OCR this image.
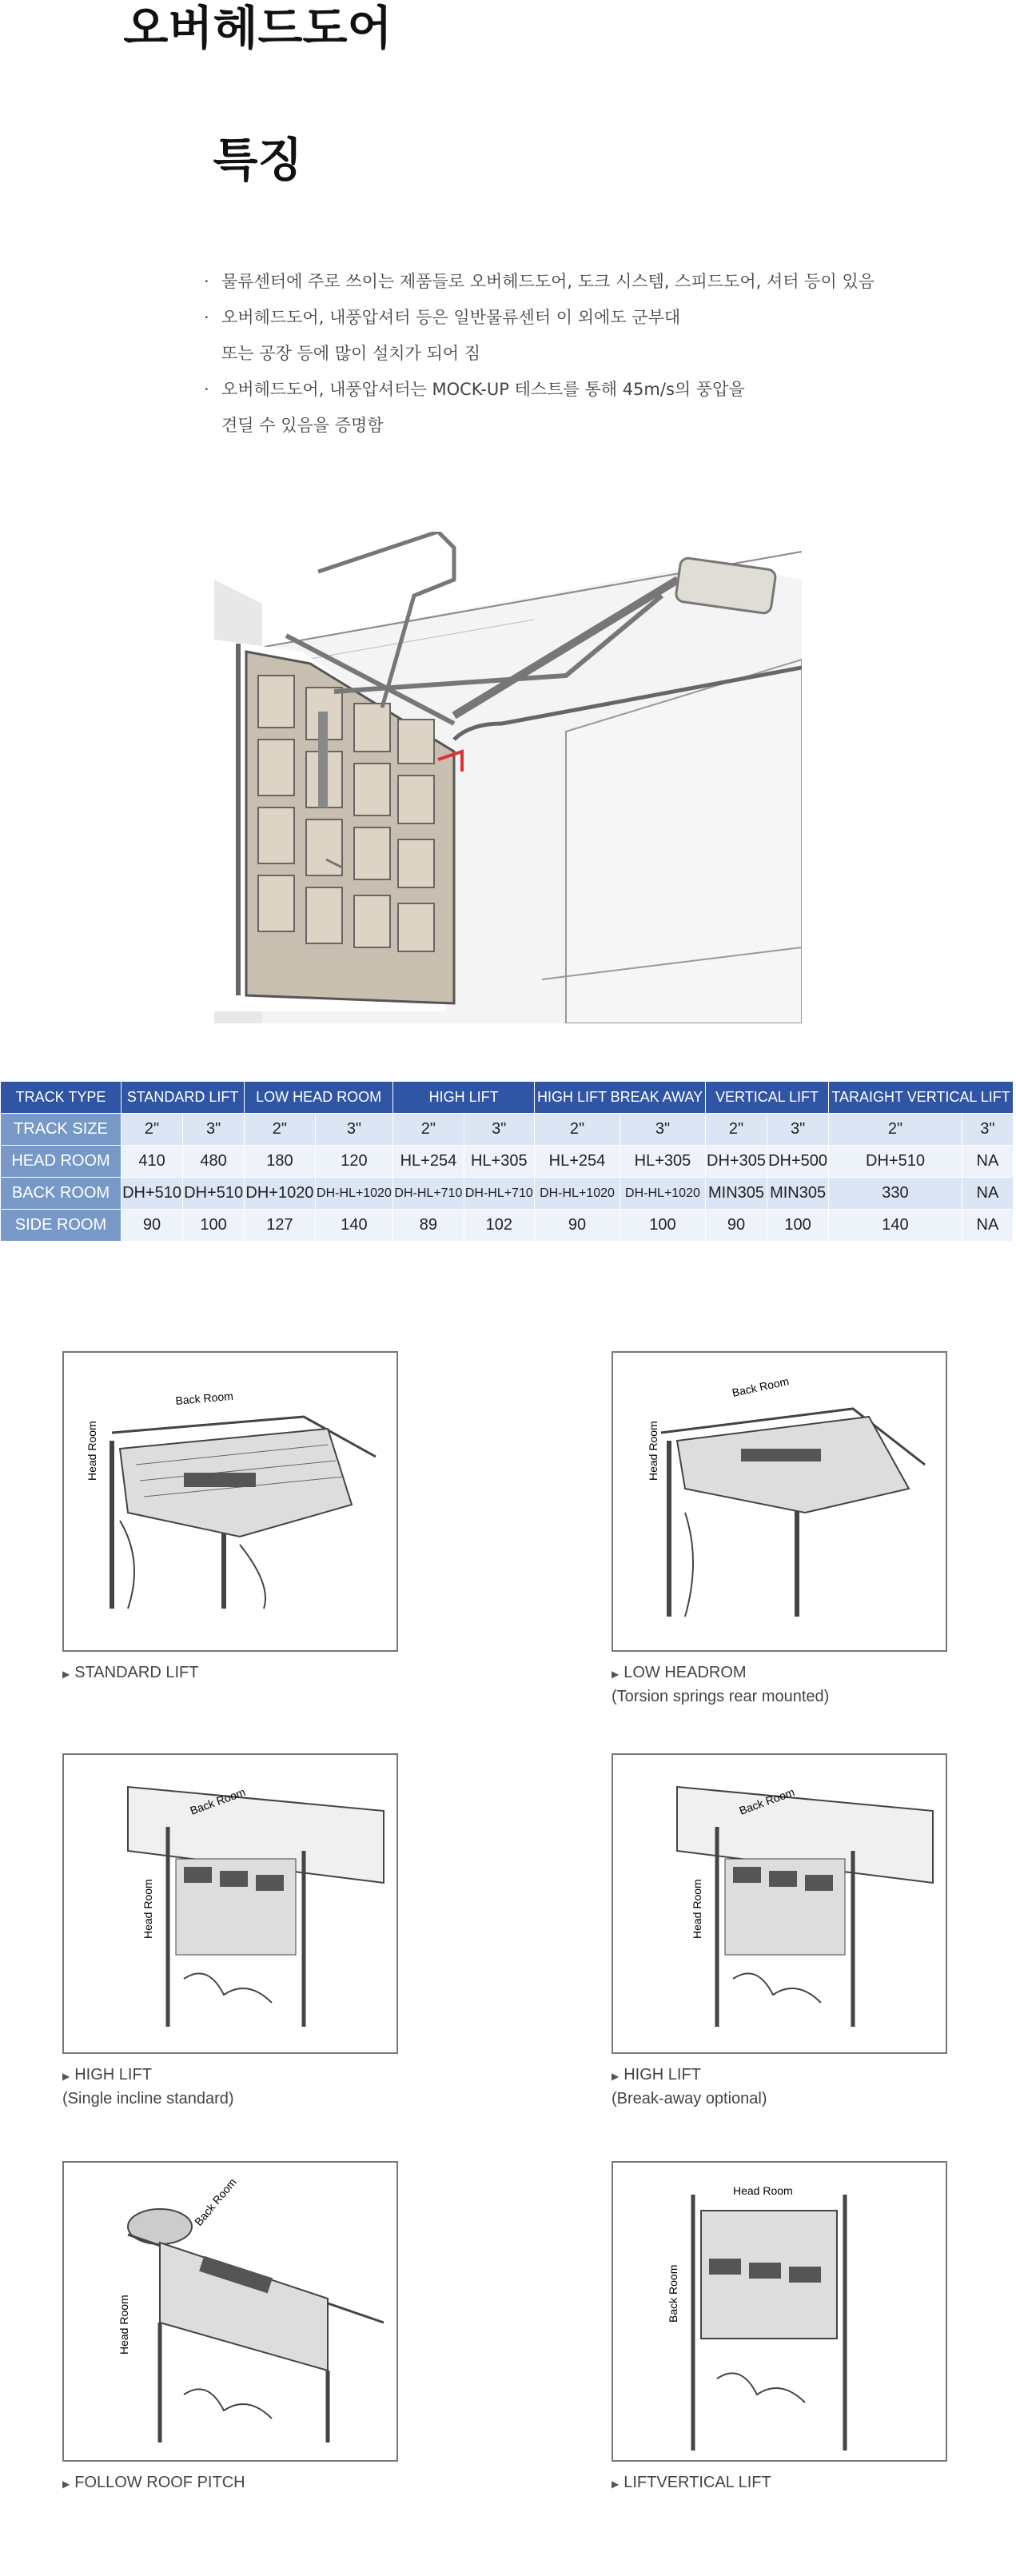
오버헤드도어
특징
· 물류센터에 주로 쓰이는 제품들로 오버헤드도어, 도크 시스템, 스피드도어, 셔터 등이 있음
· 오버헤드도어, 내풍압셔터 등은 일반물류센터 이 외에도 군부대
또는 공장 등에 많이 설치가 되어 짐
· 오버헤드도어, 내풍압셔터는 MOCK-UP 테스트를 통해 45m/s의 풍압을
견딜 수 있음을 증명함
TRACK TYPE	STANDARD LIFT		LOW HEAD ROOM		HIGH LIFT		HIGH LIFT BREAK AWAY		VERTICAL LIFT		TARAIGHT VERTICAL LIFT	
TRACK SIZE	2"	3"	2"	3"	2"	3"	2"	3"	2"	3"	2"	3"
HEAD ROOM	410	480	180	120	HL+254	HL+305	HL+254	HL+305	DH+305	DH+500	DH+510	NA
BACK ROOM	DH+510	DH+510	DH+1020	DH-HL+1020	DH-HL+710	DH-HL+710	DH-HL+1020	DH-HL+1020	MIN305	MIN305	330	NA
SIDE ROOM	90	100	127	140	89	102	90	100	90	100	140	NA
Back Room
Head Room
▶ STANDARD LIFT
Back Room
Head Room
▶ LOW HEADROM
(Torsion springs rear mounted)
Back Room
Head Room
▶ HIGH LIFT
(Single incline standard)
Back Room
Head Room
▶ HIGH LIFT
(Break-away optional)
Back Room
Head Room
▶ FOLLOW ROOF PITCH
Head Room
Back Room
▶ LIFTVERTICAL LIFT
